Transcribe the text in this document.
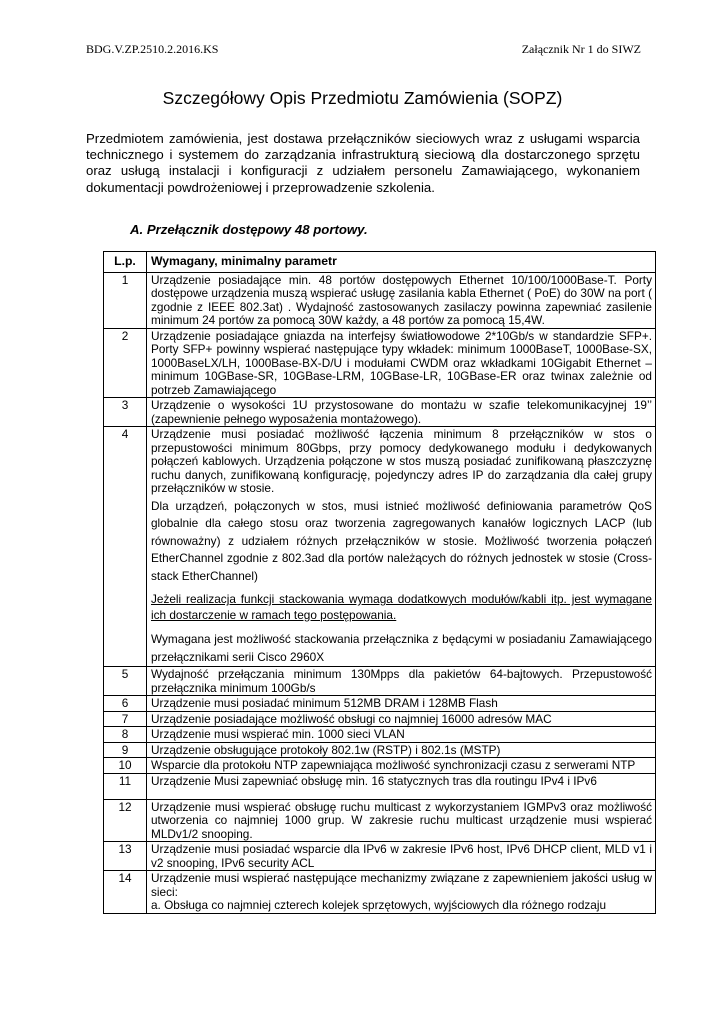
BDG.V.ZP.2510.2.2016.KS	Załącznik Nr 1 do SIWZ
Szczegółowy Opis Przedmiotu Zamówienia (SOPZ)
Przedmiotem zamówienia, jest dostawa przełączników sieciowych wraz z usługami wsparcia technicznego i systemem do zarządzania infrastrukturą sieciową dla dostarczonego sprzętu oraz usługą instalacji i konfiguracji z udziałem personelu Zamawiającego, wykonaniem dokumentacji powdrożeniowej i przeprowadzenie szkolenia.
A. Przełącznik dostępowy 48 portowy.
L.p.	Wymagany, minimalny parametr
1	Urządzenie posiadające min. 48 portów dostępowych Ethernet 10/100/1000Base-T. Porty dostępowe urządzenia muszą wspierać usługę zasilania kabla Ethernet ( PoE) do 30W na port ( zgodnie z IEEE 802.3at) . Wydajność zastosowanych zasilaczy powinna zapewniać zasilenie minimum 24 portów za pomocą 30W każdy, a 48 portów za pomocą 15,4W.
2	Urządzenie posiadające gniazda na interfejsy światłowodowe 2*10Gb/s w standardzie SFP+. Porty SFP+ powinny wspierać następujące typy wkładek: minimum 1000BaseT, 1000Base-SX, 1000BaseLX/LH, 1000Base-BX-D/U i modułami CWDM oraz wkładkami 10Gigabit Ethernet – minimum 10GBase-SR, 10GBase-LRM, 10GBase-LR, 10GBase-ER oraz twinax zależnie od potrzeb Zamawiającego
3	Urządzenie o wysokości 1U przystosowane do montażu w szafie telekomunikacyjnej 19’’ (zapewnienie pełnego wyposażenia montażowego).
4	Urządzenie musi posiadać możliwość łączenia minimum 8 przełączników w stos o przepustowości minimum 80Gbps, przy pomocy dedykowanego modułu i dedykowanych połączeń kablowych. Urządzenia połączone w stos muszą posiadać zunifikowaną płaszczyznę ruchu danych, zunifikowaną konfigurację, pojedynczy adres IP do zarządzania dla całej grupy przełączników w stosie.
Dla urządzeń, połączonych w stos, musi istnieć możliwość definiowania parametrów QoS globalnie dla całego stosu oraz tworzenia zagregowanych kanałów logicznych LACP (lub równoważny) z udziałem różnych przełączników w stosie. Możliwość tworzenia połączeń EtherChannel zgodnie z 802.3ad dla portów należących do różnych jednostek w stosie (Cross-stack EtherChannel)
Jeżeli realizacja funkcji stackowania wymaga dodatkowych modułów/kabli itp. jest wymagane ich dostarczenie w ramach tego postępowania.
Wymagana jest możliwość stackowania przełącznika z będącymi w posiadaniu Zamawiającego przełącznikami serii Cisco 2960X

5	Wydajność przełączania minimum 130Mpps dla pakietów 64-bajtowych. Przepustowość przełącznika minimum 100Gb/s
6	Urządzenie musi posiadać minimum 512MB DRAM i 128MB Flash
7	Urządzenie posiadające możliwość obsługi co najmniej 16000 adresów MAC
8	Urządzenie musi wspierać min. 1000 sieci VLAN
9	Urządzenie obsługujące protokoły 802.1w (RSTP) i 802.1s (MSTP)
10	Wsparcie dla protokołu NTP zapewniająca możliwość synchronizacji czasu z serwerami NTP
11	Urządzenie Musi zapewniać obsługę min. 16 statycznych tras dla routingu IPv4 i IPv6
12	Urządzenie musi wspierać obsługę ruchu multicast z wykorzystaniem IGMPv3 oraz możliwość utworzenia co najmniej 1000 grup. W zakresie ruchu multicast urządzenie musi wspierać MLDv1/2 snooping.
13	Urządzenie musi posiadać wsparcie dla IPv6 w zakresie IPv6 host, IPv6 DHCP client, MLD v1 i v2 snooping, IPv6 security ACL
14	Urządzenie musi wspierać następujące mechanizmy związane z zapewnieniem jakości usług w sieci:
a. Obsługa co najmniej czterech kolejek sprzętowych, wyjściowych dla różnego rodzaju
